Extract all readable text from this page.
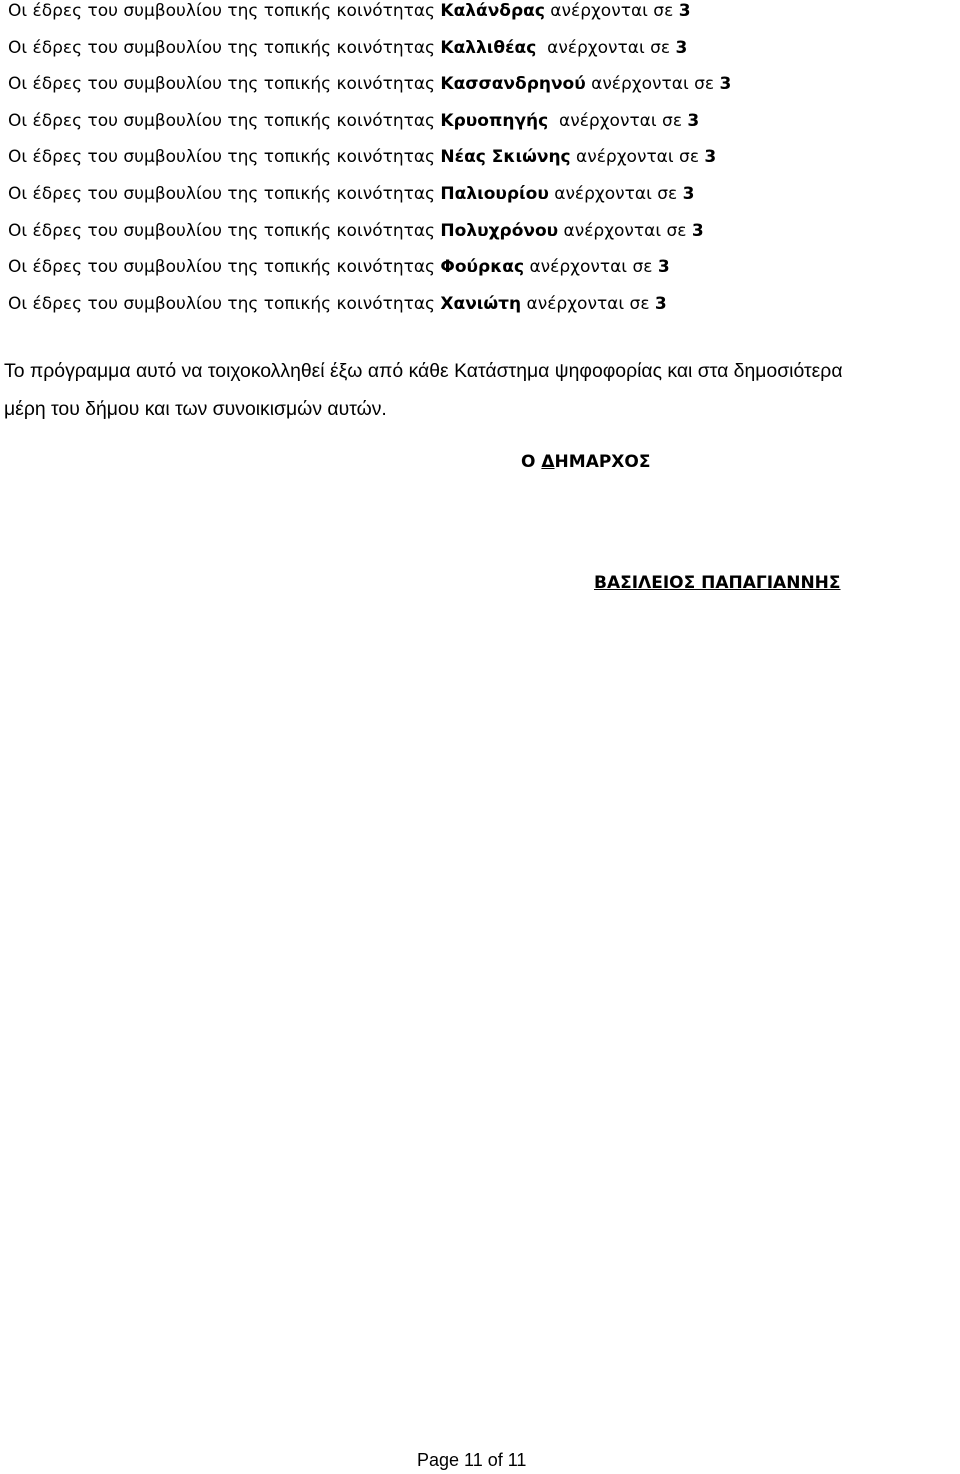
Οι έδρες του συμβουλίου της τοπικής κοινότητας Καλάνδρας ανέρχονται σε 3
Οι έδρες του συμβουλίου της τοπικής κοινότητας Καλλιθέας  ανέρχονται σε 3
Οι έδρες του συμβουλίου της τοπικής κοινότητας Κασσανδρηνού ανέρχονται σε 3
Οι έδρες του συμβουλίου της τοπικής κοινότητας Κρυοπηγής  ανέρχονται σε 3
Οι έδρες του συμβουλίου της τοπικής κοινότητας Νέας Σκιώνης ανέρχονται σε 3
Οι έδρες του συμβουλίου της τοπικής κοινότητας Παλιουρίου ανέρχονται σε 3
Οι έδρες του συμβουλίου της τοπικής κοινότητας Πολυχρόνου ανέρχονται σε 3
Οι έδρες του συμβουλίου της τοπικής κοινότητας Φούρκας ανέρχονται σε 3
Οι έδρες του συμβουλίου της τοπικής κοινότητας Χανιώτη ανέρχονται σε 3
Το πρόγραμμα αυτό να τοιχοκολληθεί έξω από κάθε Κατάστημα ψηφοφορίας και στα δημοσιότερα
μέρη του δήμου και των συνοικισμών αυτών.
Ο ΔΗΜΑΡΧΟΣ
ΒΑΣΙΛΕΙΟΣ ΠΑΠΑΓΙΑΝΝΗΣ
Page 11 of 11
